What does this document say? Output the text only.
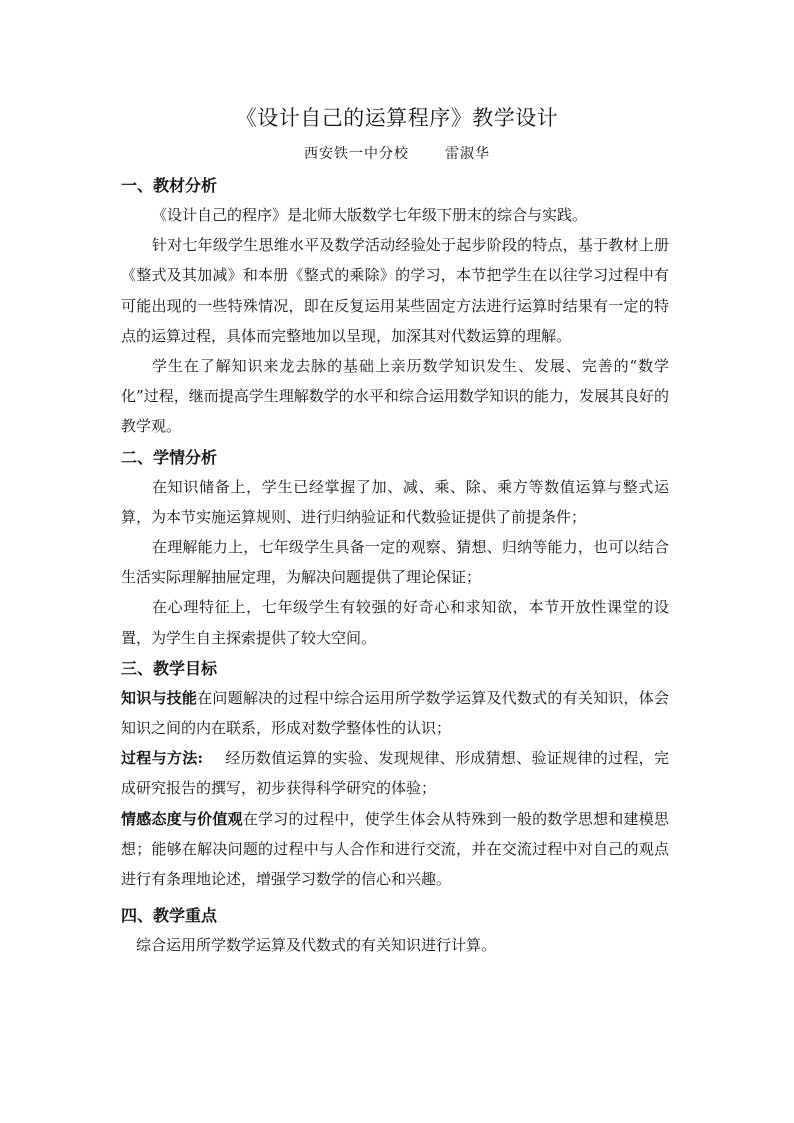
《设计自己的运算程序》教学设计
西安铁一中分校	雷淑华

一、教材分析

《设计自己的程序》是北师大版数学七年级下册末的综合与实践。

针对七年级学生思维水平及数学活动经验处于起步阶段的特点，基于教材上册《整式及其加减》和本册《整式的乘除》的学习，本节把学生在以往学习过程中有可能出现的一些特殊情况，即在反复运用某些固定方法进行运算时结果有一定的特点的运算过程，具体而完整地加以呈现，加深其对代数运算的理解。

学生在了解知识来龙去脉的基础上亲历数学知识发生、发展、完善的“数学化”过程，继而提高学生理解数学的水平和综合运用数学知识的能力，发展其良好的教学观。

二、学情分析

在知识储备上，学生已经掌握了加、减、乘、除、乘方等数值运算与整式运算，为本节实施运算规则、进行归纳验证和代数验证提供了前提条件；

在理解能力上，七年级学生具备一定的观察、猜想、归纳等能力，也可以结合生活实际理解抽屉定理，为解决问题提供了理论保证；

在心理特征上，七年级学生有较强的好奇心和求知欲，本节开放性课堂的设置，为学生自主探索提供了较大空间。

三、教学目标

知识与技能在问题解决的过程中综合运用所学数学运算及代数式的有关知识，体会知识之间的内在联系，形成对数学整体性的认识；

过程与方法: 经历数值运算的实验、发现规律、形成猜想、验证规律的过程，完成研究报告的撰写，初步获得科学研究的体验；

情感态度与价值观在学习的过程中，使学生体会从特殊到一般的数学思想和建模思想；能够在解决问题的过程中与人合作和进行交流，并在交流过程中对自己的观点进行有条理地论述，增强学习数学的信心和兴趣。

四、教学重点

综合运用所学数学运算及代数式的有关知识进行计算。
